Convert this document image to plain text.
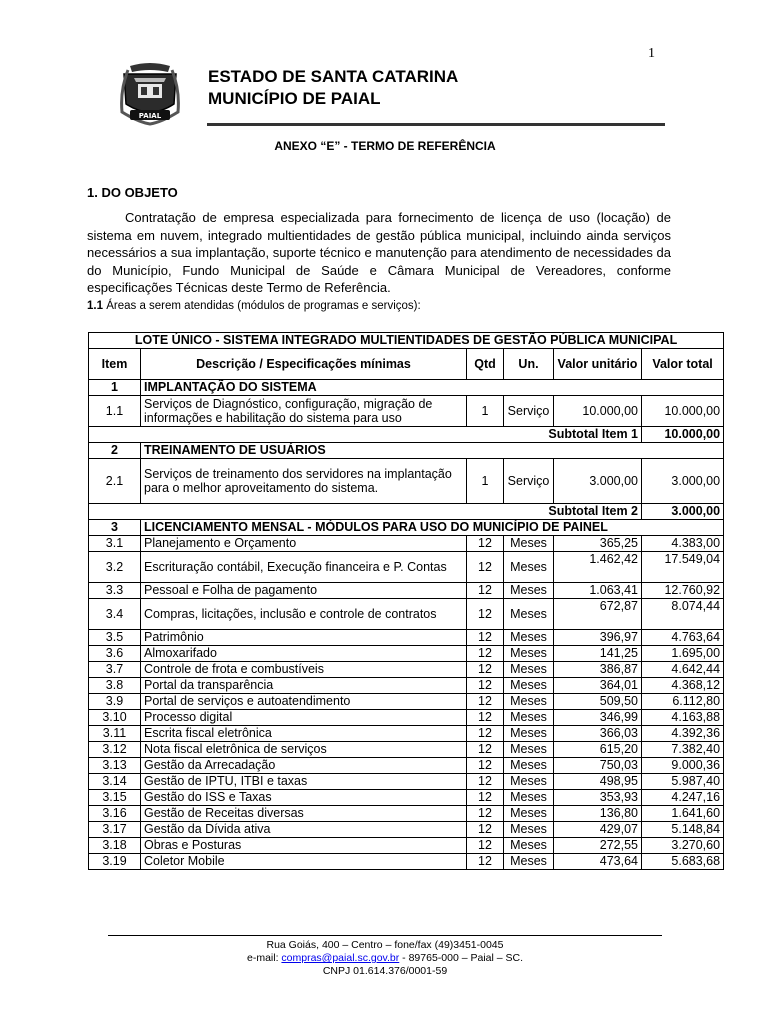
1
PAIAL
ESTADO DE SANTA CATARINA
MUNICÍPIO DE PAIAL
ANEXO “E” - TERMO DE REFERÊNCIA
1. DO OBJETO
Contratação de empresa especializada para fornecimento de licença de uso (locação) de sistema em nuvem, integrado multientidades de gestão pública municipal, incluindo ainda serviços necessários a sua implantação, suporte técnico e manutenção para atendimento de necessidades da do Município, Fundo Municipal de Saúde e Câmara Municipal de Vereadores, conforme especificações Técnicas deste Termo de Referência.
1.1 Áreas a serem atendidas (módulos de programas e serviços):
LOTE ÚNICO - SISTEMA INTEGRADO MULTIENTIDADES DE GESTÃO PÚBLICA MUNICIPAL					
Item	Descrição / Especificações mínimas	Qtd	Un.	Valor unitário	Valor total
1	IMPLANTAÇÃO DO SISTEMA				
1.1	Serviços de Diagnóstico, configuração, migração de informações e habilitação do sistema para uso	1	Serviço	10.000,00	10.000,00
Subtotal Item 1					10.000,00
2	TREINAMENTO DE USUÁRIOS				
2.1	Serviços de treinamento dos servidores na implantação para o melhor aproveitamento do sistema.	1	Serviço	3.000,00	3.000,00
Subtotal Item 2					3.000,00
3	LICENCIAMENTO MENSAL - MÓDULOS PARA USO DO MUNICÍPIO DE PAINEL				
3.1	Planejamento e Orçamento	12	Meses	365,25	4.383,00
3.2	Escrituração contábil, Execução financeira e P. Contas	12	Meses	1.462,42	17.549,04
3.3	Pessoal e Folha de pagamento	12	Meses	1.063,41	12.760,92
3.4	Compras, licitações, inclusão e controle de contratos	12	Meses	672,87	8.074,44
3.5	Patrimônio	12	Meses	396,97	4.763,64
3.6	Almoxarifado	12	Meses	141,25	1.695,00
3.7	Controle de frota e combustíveis	12	Meses	386,87	4.642,44
3.8	Portal da transparência	12	Meses	364,01	4.368,12
3.9	Portal de serviços e autoatendimento	12	Meses	509,50	6.112,80
3.10	Processo digital	12	Meses	346,99	4.163,88
3.11	Escrita fiscal eletrônica	12	Meses	366,03	4.392,36
3.12	Nota fiscal eletrônica de serviços	12	Meses	615,20	7.382,40
3.13	Gestão da Arrecadação	12	Meses	750,03	9.000,36
3.14	Gestão de IPTU, ITBI e taxas	12	Meses	498,95	5.987,40
3.15	Gestão do ISS e Taxas	12	Meses	353,93	4.247,16
3.16	Gestão de Receitas diversas	12	Meses	136,80	1.641,60
3.17	Gestão da Dívida ativa	12	Meses	429,07	5.148,84
3.18	Obras e Posturas	12	Meses	272,55	3.270,60
3.19	Coletor Mobile	12	Meses	473,64	5.683,68
Rua Goiás, 400 – Centro – fone/fax (49)3451-0045
e-mail: compras@paial.sc.gov.br - 89765-000 – Paial – SC.
CNPJ 01.614.376/0001-59
